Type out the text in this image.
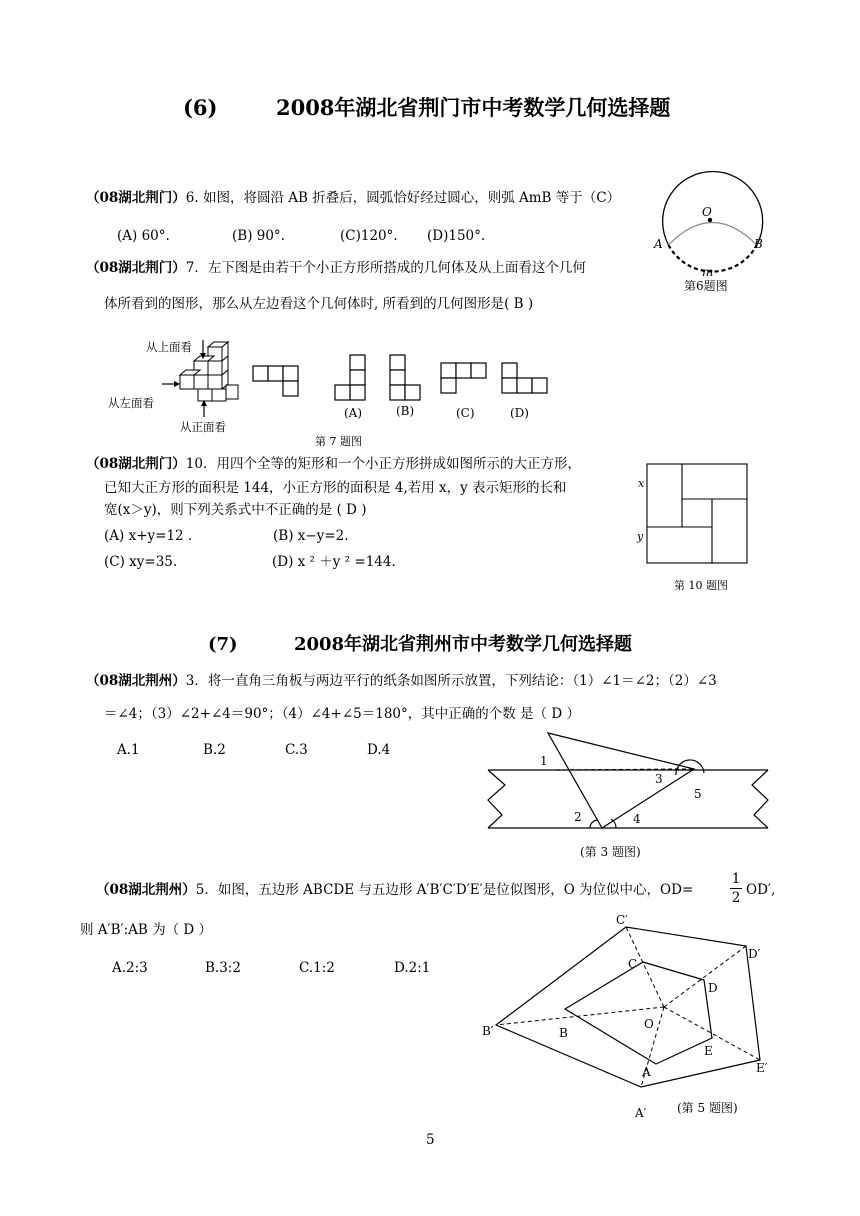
(6)        2008年湖北省荆门市中考数学几何选择题
（08湖北荆门）6. 如图，将圆沿 AB 折叠后，圆弧恰好经过圆心，则弧 AmB 等于（C）
(A) 60°.	(B) 90°.	(C)120°. (D)150°.
O
A	B
m
第6题图
（08湖北荆门）7．左下图是由若干个小正方形所搭成的几何体及从上面看这个几何
体所看到的图形，那么从左边看这个几何体时, 所看到的几何图形是( B )
从上面看
从左面看
从正面看
(A)	(B)	(C)	(D)
第 7 题图
（08湖北荆门）10．用四个全等的矩形和一个小正方形拼成如图所示的大正方形，
已知大正方形的面积是 144，小正方形的面积是 4,若用 x，y 表示矩形的长和
宽(x＞y)，则下列关系式中不正确的是 ( D )
(A) x+y=12 .	(B) x−y=2.
(C) xy=35.	(D) x ² ＋y ² =144.
x
y
第 10 题图
(7)         2008年湖北省荆州市中考数学几何选择题
（08湖北荆州）3．将一直角三角板与两边平行的纸条如图所示放置，下列结论：（1）∠1＝∠2；（2）∠3
＝∠4；（3）∠2+∠4＝90°；（4）∠4+∠5＝180°，其中正确的个数 是（ D ）
A.1	B.2	C.3	D.4
1
2
3
4
5
(第 3 题图)
（08湖北荆州）5．如图，五边形 ABCDE 与五边形 A′B′C′D′E′是位似图形，O 为位似中心，OD=	$\frac{1}{2} OD'$,
则 A′B′:AB 为（ D ）
A.2:3	B.3:2	C.1:2	D.2:1
C′
D′
E′
A′
B′
C
D
E
A
B
O
(第 5 题图)
5
